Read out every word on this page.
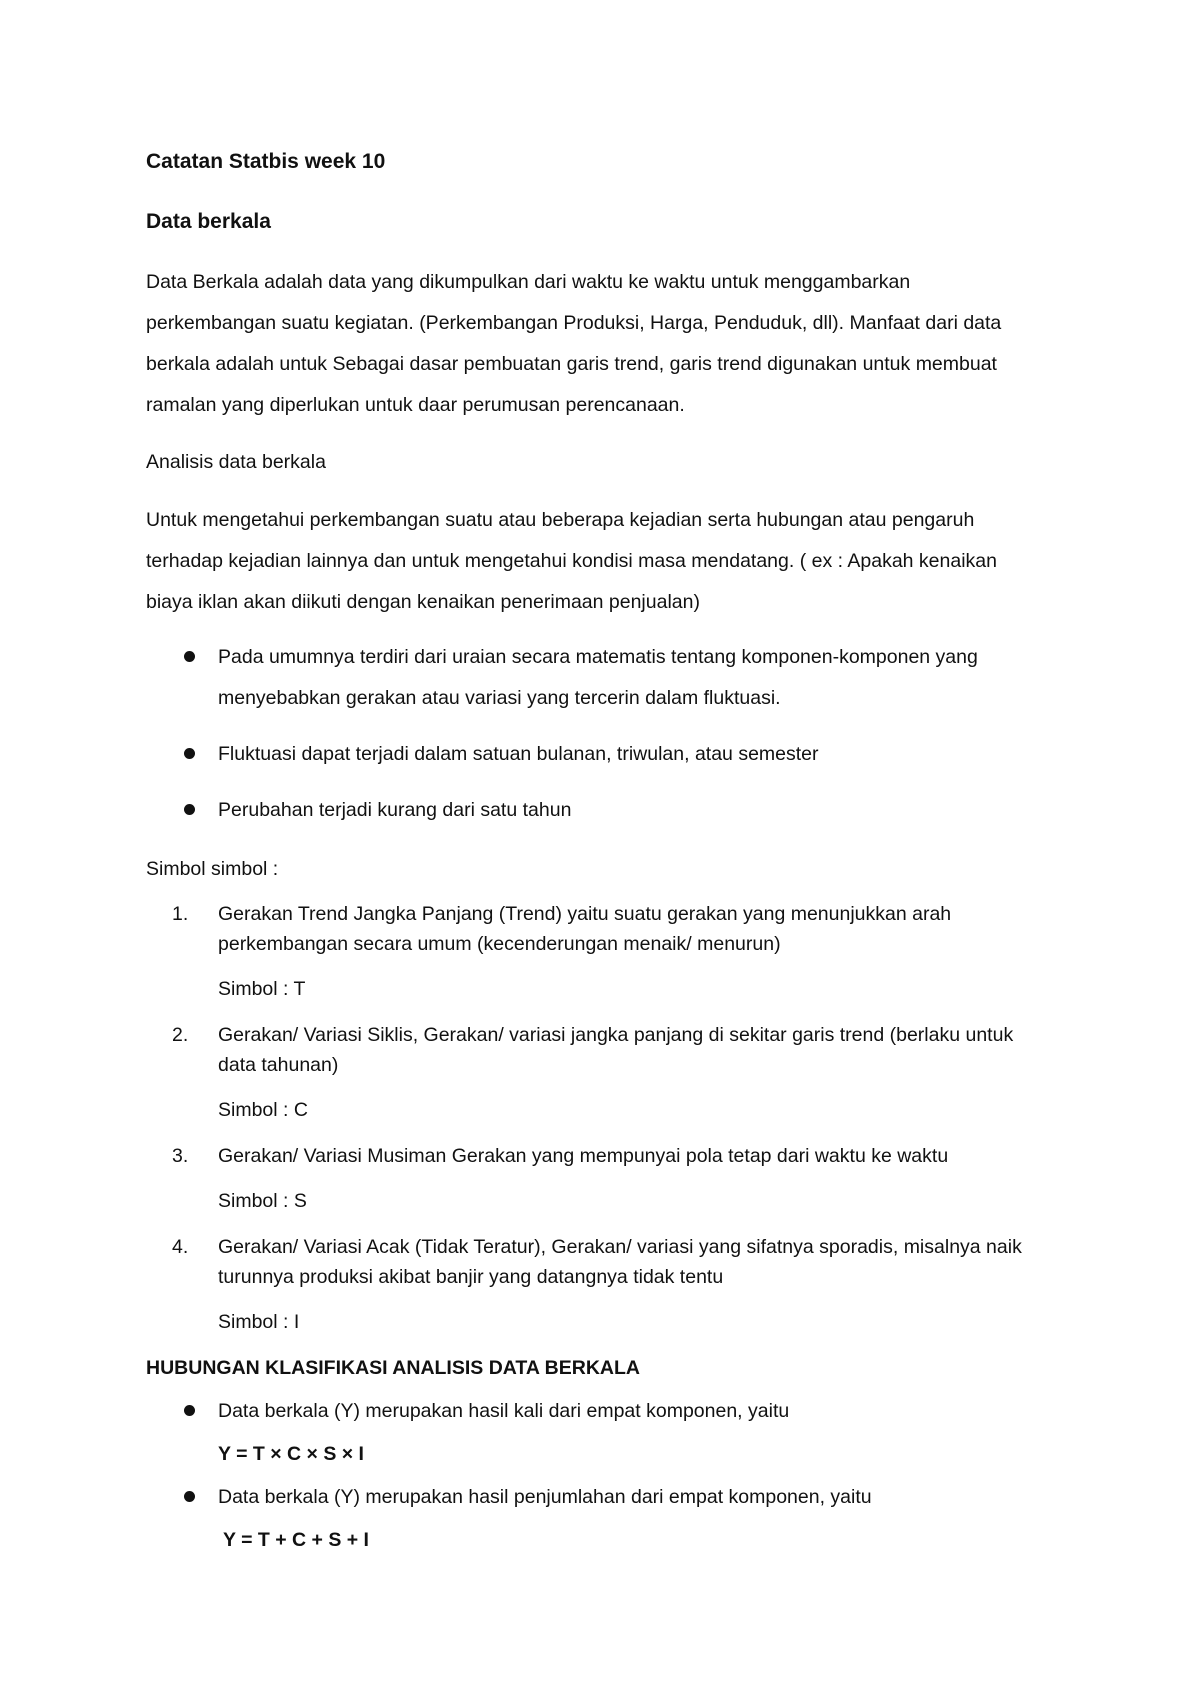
Catatan Statbis week 10

Data berkala

Data Berkala adalah data yang dikumpulkan dari waktu ke waktu untuk menggambarkan

perkembangan suatu kegiatan. (Perkembangan Produksi, Harga, Penduduk, dll). Manfaat dari data

berkala adalah untuk Sebagai dasar pembuatan garis trend, garis trend digunakan untuk membuat

ramalan yang diperlukan untuk daar perumusan perencanaan.

Analisis data berkala

Untuk mengetahui perkembangan suatu atau beberapa kejadian serta hubungan atau pengaruh

terhadap kejadian lainnya dan untuk mengetahui kondisi masa mendatang. ( ex : Apakah kenaikan

biaya iklan akan diikuti dengan kenaikan penerimaan penjualan)

Pada umumnya terdiri dari uraian secara matematis tentang komponen-komponen yang

menyebabkan gerakan atau variasi yang tercerin dalam fluktuasi.

Fluktuasi dapat terjadi dalam satuan bulanan, triwulan, atau semester

Perubahan terjadi kurang dari satu tahun

Simbol simbol :

1. Gerakan Trend Jangka Panjang (Trend) yaitu suatu gerakan yang menunjukkan arah

perkembangan secara umum (kecenderungan menaik/ menurun)

Simbol : T

2. Gerakan/ Variasi Siklis, Gerakan/ variasi jangka panjang di sekitar garis trend (berlaku untuk

data tahunan)

Simbol : C

3. Gerakan/ Variasi Musiman Gerakan yang mempunyai pola tetap dari waktu ke waktu

Simbol : S

4. Gerakan/ Variasi Acak (Tidak Teratur), Gerakan/ variasi yang sifatnya sporadis, misalnya naik

turunnya produksi akibat banjir yang datangnya tidak tentu

Simbol : I

HUBUNGAN KLASIFIKASI ANALISIS DATA BERKALA

Data berkala (Y) merupakan hasil kali dari empat komponen, yaitu

Y = T × C × S × I

Data berkala (Y) merupakan hasil penjumlahan dari empat komponen, yaitu

Y = T + C + S + I
